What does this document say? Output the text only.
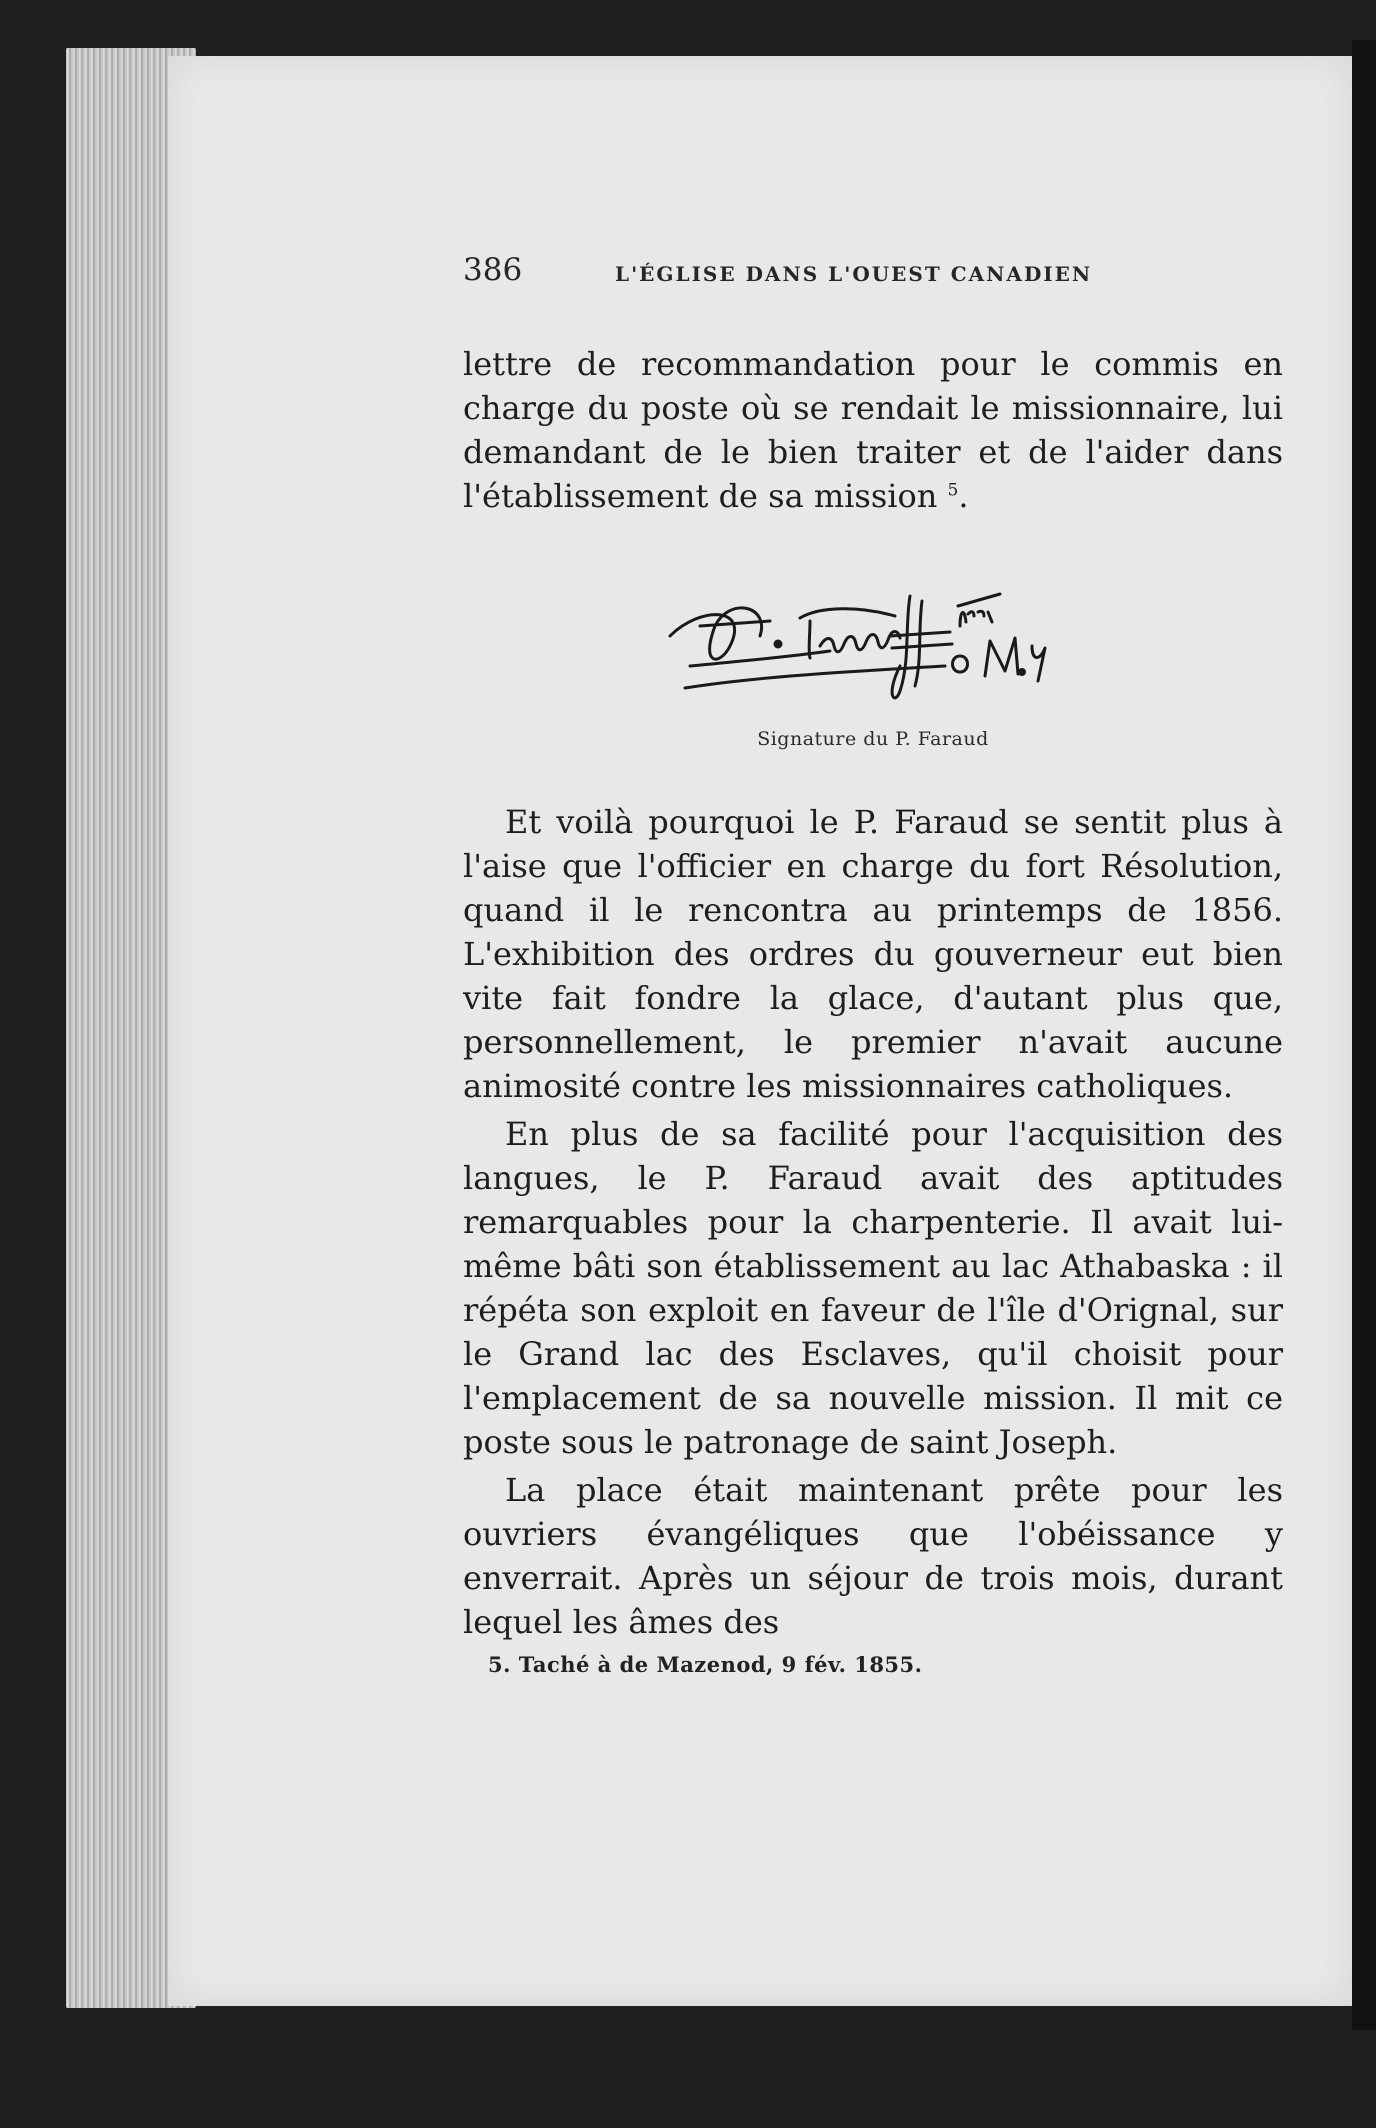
386	L'ÉGLISE DANS L'OUEST CANADIEN

lettre de recommandation pour le commis en charge du poste où se rendait le missionnaire, lui demandant de le bien traiter et de l'aider dans l'établissement de sa mission $^5$.

Signature du P. Faraud

Et voilà pourquoi le P. Faraud se sentit plus à l'aise que l'officier en charge du fort Résolution, quand il le rencontra au printemps de 1856. L'exhibition des ordres du gouverneur eut bien vite fait fondre la glace, d'autant plus que, personnellement, le premier n'avait aucune animosité contre les missionnaires catholiques.

En plus de sa facilité pour l'acquisition des langues, le P. Faraud avait des aptitudes remarquables pour la charpenterie. Il avait lui-même bâti son établissement au lac Athabaska : il répéta son exploit en faveur de l'île d'Orignal, sur le Grand lac des Esclaves, qu'il choisit pour l'emplacement de sa nouvelle mission. Il mit ce poste sous le patronage de saint Joseph.

La place était maintenant prête pour les ouvriers évangéliques que l'obéissance y enverrait. Après un séjour de trois mois, durant lequel les âmes des

5. Taché à de Mazenod, 9 fév. 1855.
